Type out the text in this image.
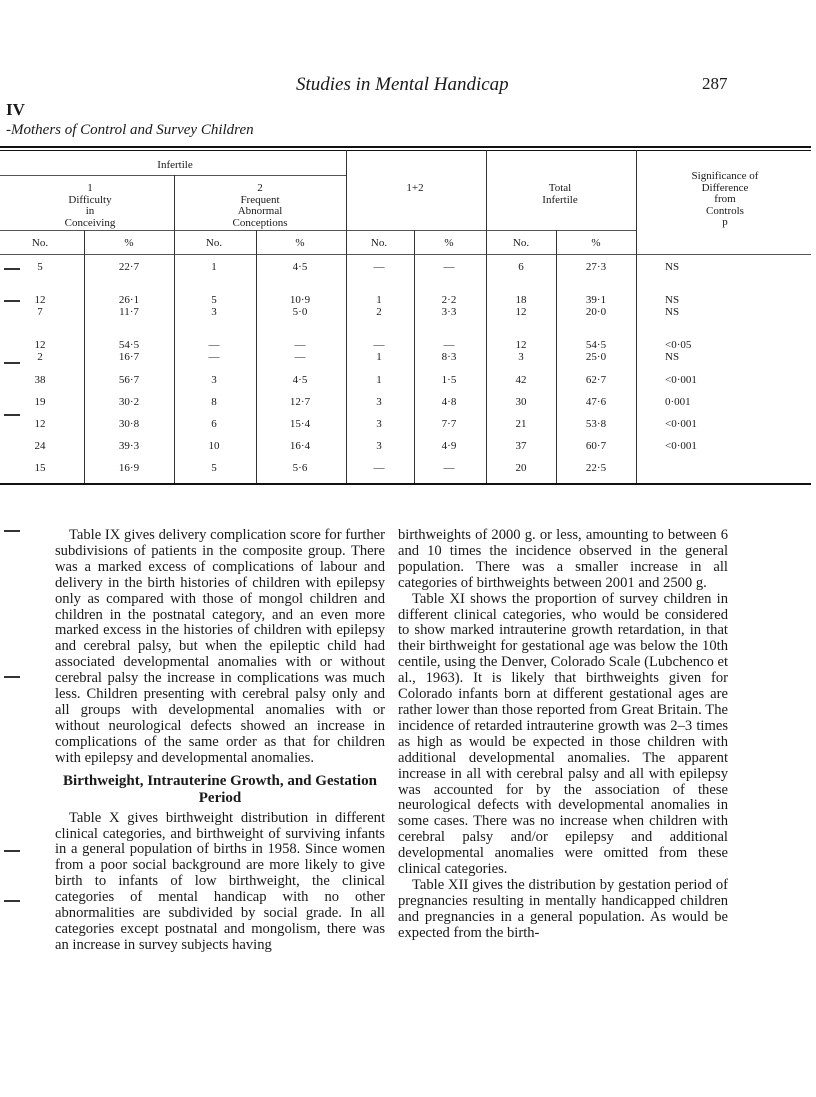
Studies in Mental Handicap	287
IV
-Mothers of Control and Survey Children
Infertile
1
Difficulty
in
Conceiving
2
Frequent
Abnormal
Conceptions
1+2	Total
Infertile
Significance of
Difference
from
Controls
p
No.	%	No.	%	No.	%	No.	%
5	22·7	1	4·5	—	—	6	27·3	NS
12	26·1	5	10·9	1	2·2	18	39·1	NS
7	11·7	3	5·0	2	3·3	12	20·0	NS
12	54·5	—	—	—	—	12	54·5	<0·05
2	16·7	—	—	1	8·3	3	25·0	NS
38	56·7	3	4·5	1	1·5	42	62·7	<0·001
19	30·2	8	12·7	3	4·8	30	47·6	0·001
12	30·8	6	15·4	3	7·7	21	53·8	<0·001
24	39·3	10	16·4	3	4·9	37	60·7	<0·001
15	16·9	5	5·6	—	—	20	22·5

Table IX gives delivery complication score for further subdivisions of patients in the composite group. There was a marked excess of complications of labour and delivery in the birth histories of children with epilepsy only as compared with those of mongol children and children in the postnatal category, and an even more marked excess in the histories of children with epilepsy and cerebral palsy, but when the epileptic child had associated developmental anomalies with or without cerebral palsy the increase in complications was much less. Children presenting with cerebral palsy only and all groups with developmental anomalies with or without neurological defects showed an increase in complications of the same order as that for children with epilepsy and developmental anomalies.

Birthweight, Intrauterine Growth, and Gestation Period

Table X gives birthweight distribution in different clinical categories, and birthweight of surviving infants in a general population of births in 1958. Since women from a poor social background are more likely to give birth to infants of low birthweight, the clinical categories of mental handicap with no other abnormalities are subdivided by social grade. In all categories except postnatal and mongolism, there was an increase in survey subjects having

birthweights of 2000 g. or less, amounting to between 6 and 10 times the incidence observed in the general population. There was a smaller increase in all categories of birthweights between 2001 and 2500 g.

Table XI shows the proportion of survey children in different clinical categories, who would be considered to show marked intrauterine growth retardation, in that their birthweight for gestational age was below the 10th centile, using the Denver, Colorado Scale (Lubchenco et al., 1963). It is likely that birthweights given for Colorado infants born at different gestational ages are rather lower than those reported from Great Britain. The incidence of retarded intrauterine growth was 2–3 times as high as would be expected in those children with additional developmental anomalies. The apparent increase in all with cerebral palsy and all with epilepsy was accounted for by the association of these neurological defects with developmental anomalies in some cases. There was no increase when children with cerebral palsy and/or epilepsy and additional developmental anomalies were omitted from these clinical categories.

Table XII gives the distribution by gestation period of pregnancies resulting in mentally handicapped children and pregnancies in a general population. As would be expected from the birth-
